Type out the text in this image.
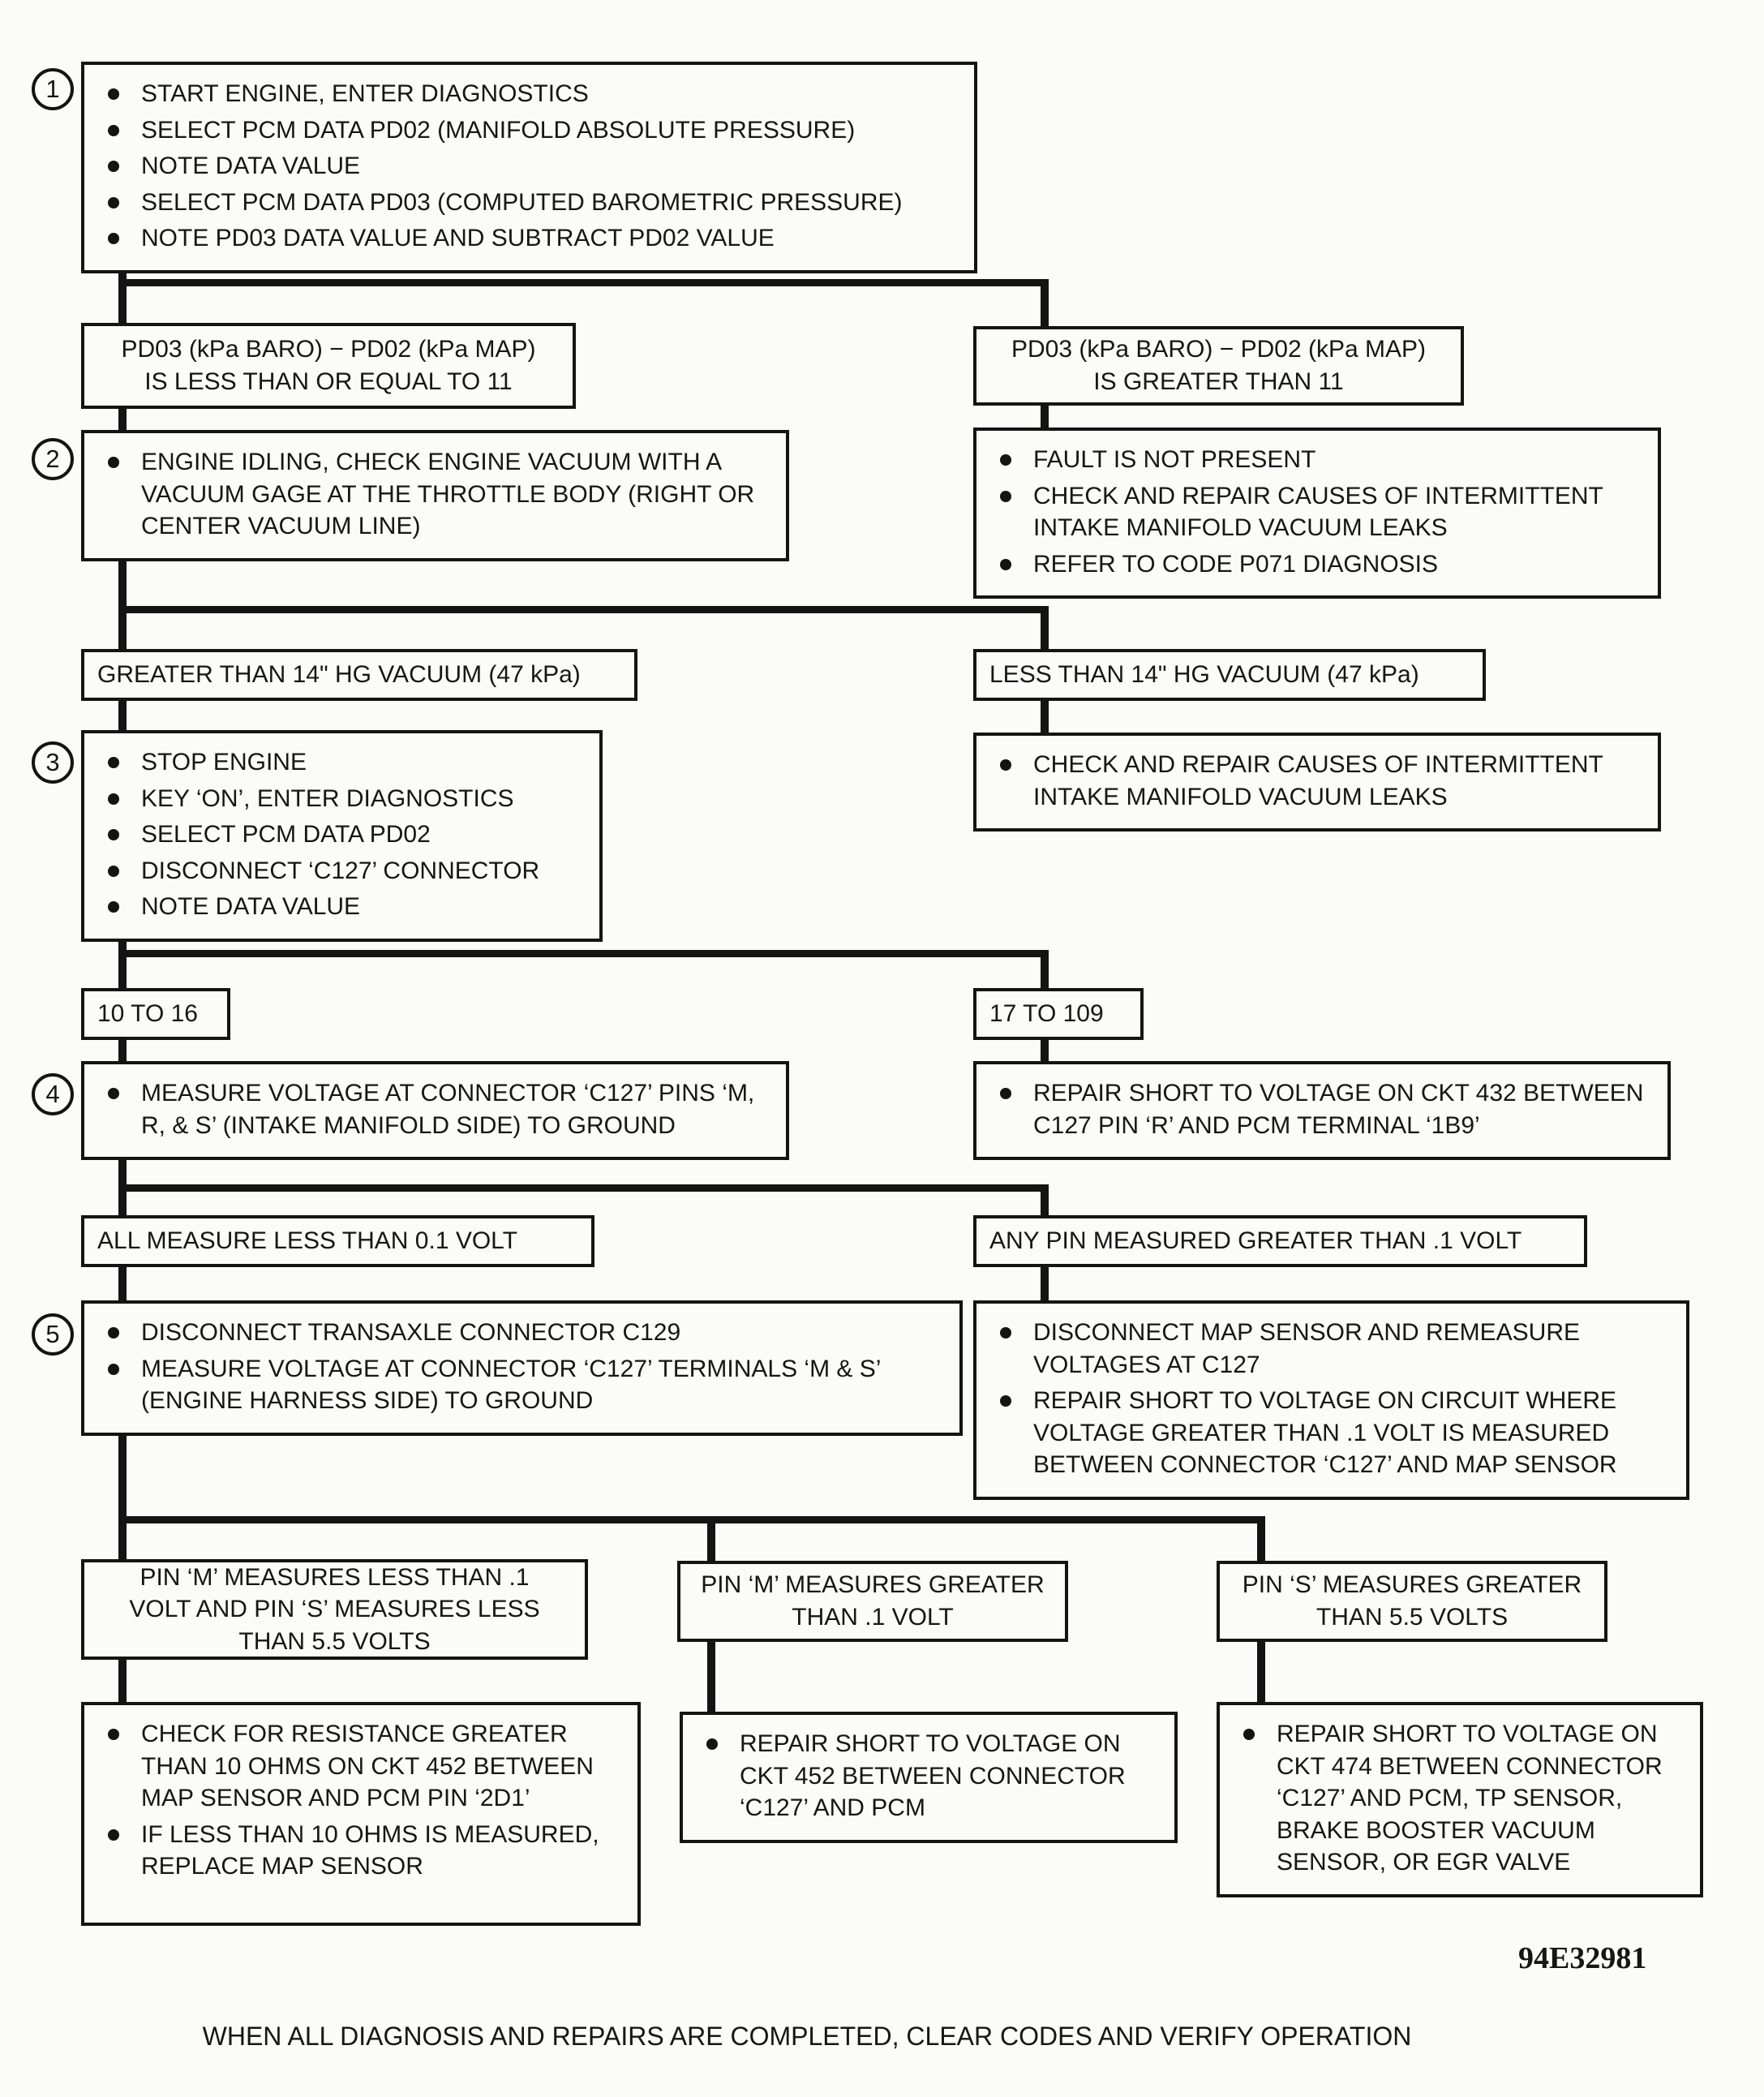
1
2
3
4
5
START ENGINE, ENTER DIAGNOSTICS
SELECT PCM DATA PD02 (MANIFOLD ABSOLUTE PRESSURE)
NOTE DATA VALUE
SELECT PCM DATA PD03 (COMPUTED BAROMETRIC PRESSURE)
NOTE PD03 DATA VALUE AND SUBTRACT PD02 VALUE
PD03 (kPa BARO) − PD02 (kPa MAP)
IS LESS THAN OR EQUAL TO 11
PD03 (kPa BARO) − PD02 (kPa MAP)
IS GREATER THAN 11
ENGINE IDLING, CHECK ENGINE VACUUM WITH A VACUUM GAGE AT THE THROTTLE BODY (RIGHT OR CENTER VACUUM LINE)
FAULT IS NOT PRESENT
CHECK AND REPAIR CAUSES OF INTERMITTENT INTAKE MANIFOLD VACUUM LEAKS
REFER TO CODE P071 DIAGNOSIS
GREATER THAN 14" HG VACUUM (47 kPa)	LESS THAN 14" HG VACUUM (47 kPa)
STOP ENGINE
KEY ‘ON’, ENTER DIAGNOSTICS
SELECT PCM DATA PD02
DISCONNECT ‘C127’ CONNECTOR
NOTE DATA VALUE
CHECK AND REPAIR CAUSES OF INTERMITTENT INTAKE MANIFOLD VACUUM LEAKS
10 TO 16	17 TO 109
MEASURE VOLTAGE AT CONNECTOR ‘C127’ PINS ‘M, R, & S’ (INTAKE MANIFOLD SIDE) TO GROUND
REPAIR SHORT TO VOLTAGE ON CKT 432 BETWEEN C127 PIN ‘R’ AND PCM TERMINAL ‘1B9’
ALL MEASURE LESS THAN 0.1 VOLT	ANY PIN MEASURED GREATER THAN .1 VOLT
DISCONNECT TRANSAXLE CONNECTOR C129
MEASURE VOLTAGE AT CONNECTOR ‘C127’ TERMINALS ‘M & S’ (ENGINE HARNESS SIDE) TO GROUND
DISCONNECT MAP SENSOR AND REMEASURE VOLTAGES AT C127
REPAIR SHORT TO VOLTAGE ON CIRCUIT WHERE VOLTAGE GREATER THAN .1 VOLT IS MEASURED BETWEEN CONNECTOR ‘C127’ AND MAP SENSOR
PIN ‘M’ MEASURES LESS THAN .1
VOLT AND PIN ‘S’ MEASURES LESS
THAN 5.5 VOLTS
PIN ‘M’ MEASURES GREATER
THAN .1 VOLT
PIN ‘S’ MEASURES GREATER
THAN 5.5 VOLTS
CHECK FOR RESISTANCE GREATER THAN 10 OHMS ON CKT 452 BETWEEN MAP SENSOR AND PCM PIN ‘2D1’
IF LESS THAN 10 OHMS IS MEASURED, REPLACE MAP SENSOR
REPAIR SHORT TO VOLTAGE ON CKT 452 BETWEEN CONNECTOR ‘C127’ AND PCM
REPAIR SHORT TO VOLTAGE ON CKT 474 BETWEEN CONNECTOR ‘C127’ AND PCM, TP SENSOR, BRAKE BOOSTER VACUUM SENSOR, OR EGR VALVE
94E32981
WHEN ALL DIAGNOSIS AND REPAIRS ARE COMPLETED, CLEAR CODES AND VERIFY OPERATION
